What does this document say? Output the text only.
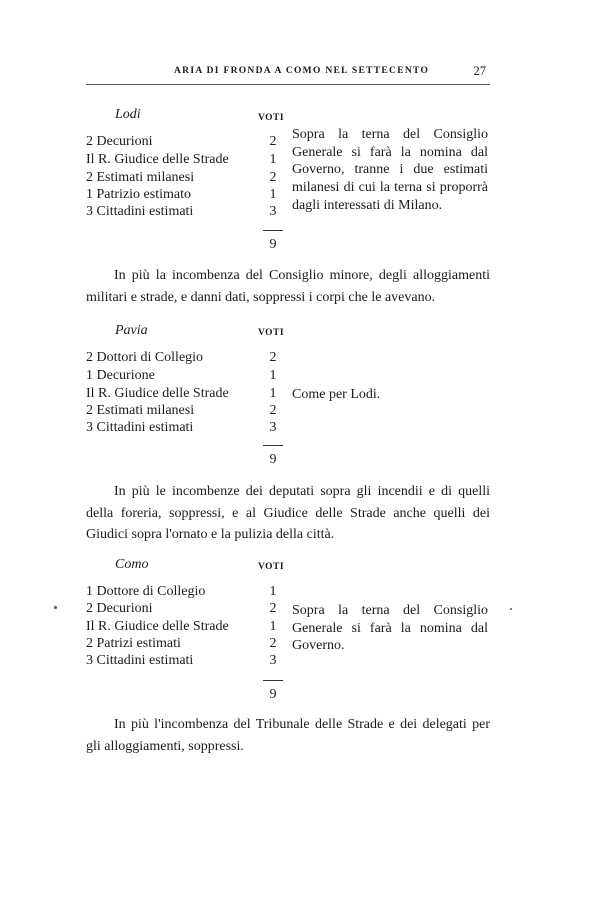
ARIA DI FRONDA A COMO NEL SETTECENTO	27
Lodi	VOTI
2 Decurioni	2
Il R. Giudice delle Strade	1
2 Estimati milanesi	2
1 Patrizio estimato	1
3 Cittadini estimati	3
9
Sopra la terna del Consiglio Generale si farà la nomina dal Governo, tranne i due estimati milanesi di cui la terna si proporrà dagli interessati di Milano.
In più la incombenza del Consiglio minore, degli alloggiamenti militari e strade, e danni dati, soppressi i corpi che le avevano.
Pavia	VOTI
2 Dottori di Collegio	2
1 Decurione	1
Il R. Giudice delle Strade	1
2 Estimati milanesi	2
3 Cittadini estimati	3
9
Come per Lodi.
In più le incombenze dei deputati sopra gli incendii e di quelli della foreria, soppressi, e al Giudice delle Strade anche quelli dei Giudici sopra l'ornato e la pulizia della città.
Como	VOTI
1 Dottore di Collegio	1
2 Decurioni	2
Il R. Giudice delle Strade	1
2 Patrizi estimati	2
3 Cittadini estimati	3
9
Sopra la terna del Consiglio Generale si farà la nomina dal Governo.
In più l'incombenza del Tribunale delle Strade e dei delegati per gli alloggiamenti, soppressi.
